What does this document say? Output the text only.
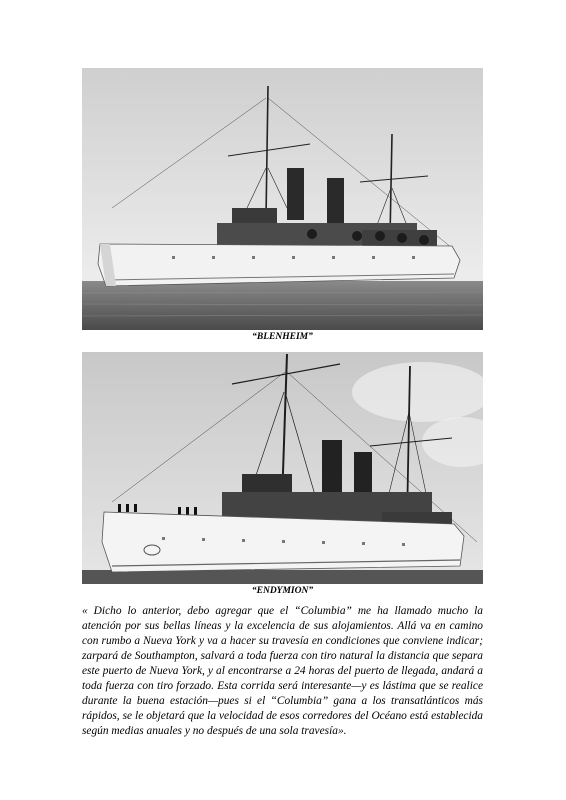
“BLENHEIM”
“ENDYMION”

« Dicho lo anterior, debo agregar que el “Columbia” me ha llamado mucho la atención por sus bellas líneas y la excelencia de sus alojamientos. Allá va en camino con rumbo a Nueva York y va a hacer su travesía en condiciones que conviene indicar; zarpará de Southampton, salvará a toda fuerza con tiro natural la distancia que separa este puerto de Nueva York, y al encontrarse a 24 horas del puerto de llegada, andará a toda fuerza con tiro forzado. Esta corrida será interesante—y es lástima que se realice durante la buena estación—pues si el “Columbia” gana a los transatlánticos más rápidos, se le objetará que la velocidad de esos corredores del Océano está establecida según medias anuales y no después de una sola travesía».
